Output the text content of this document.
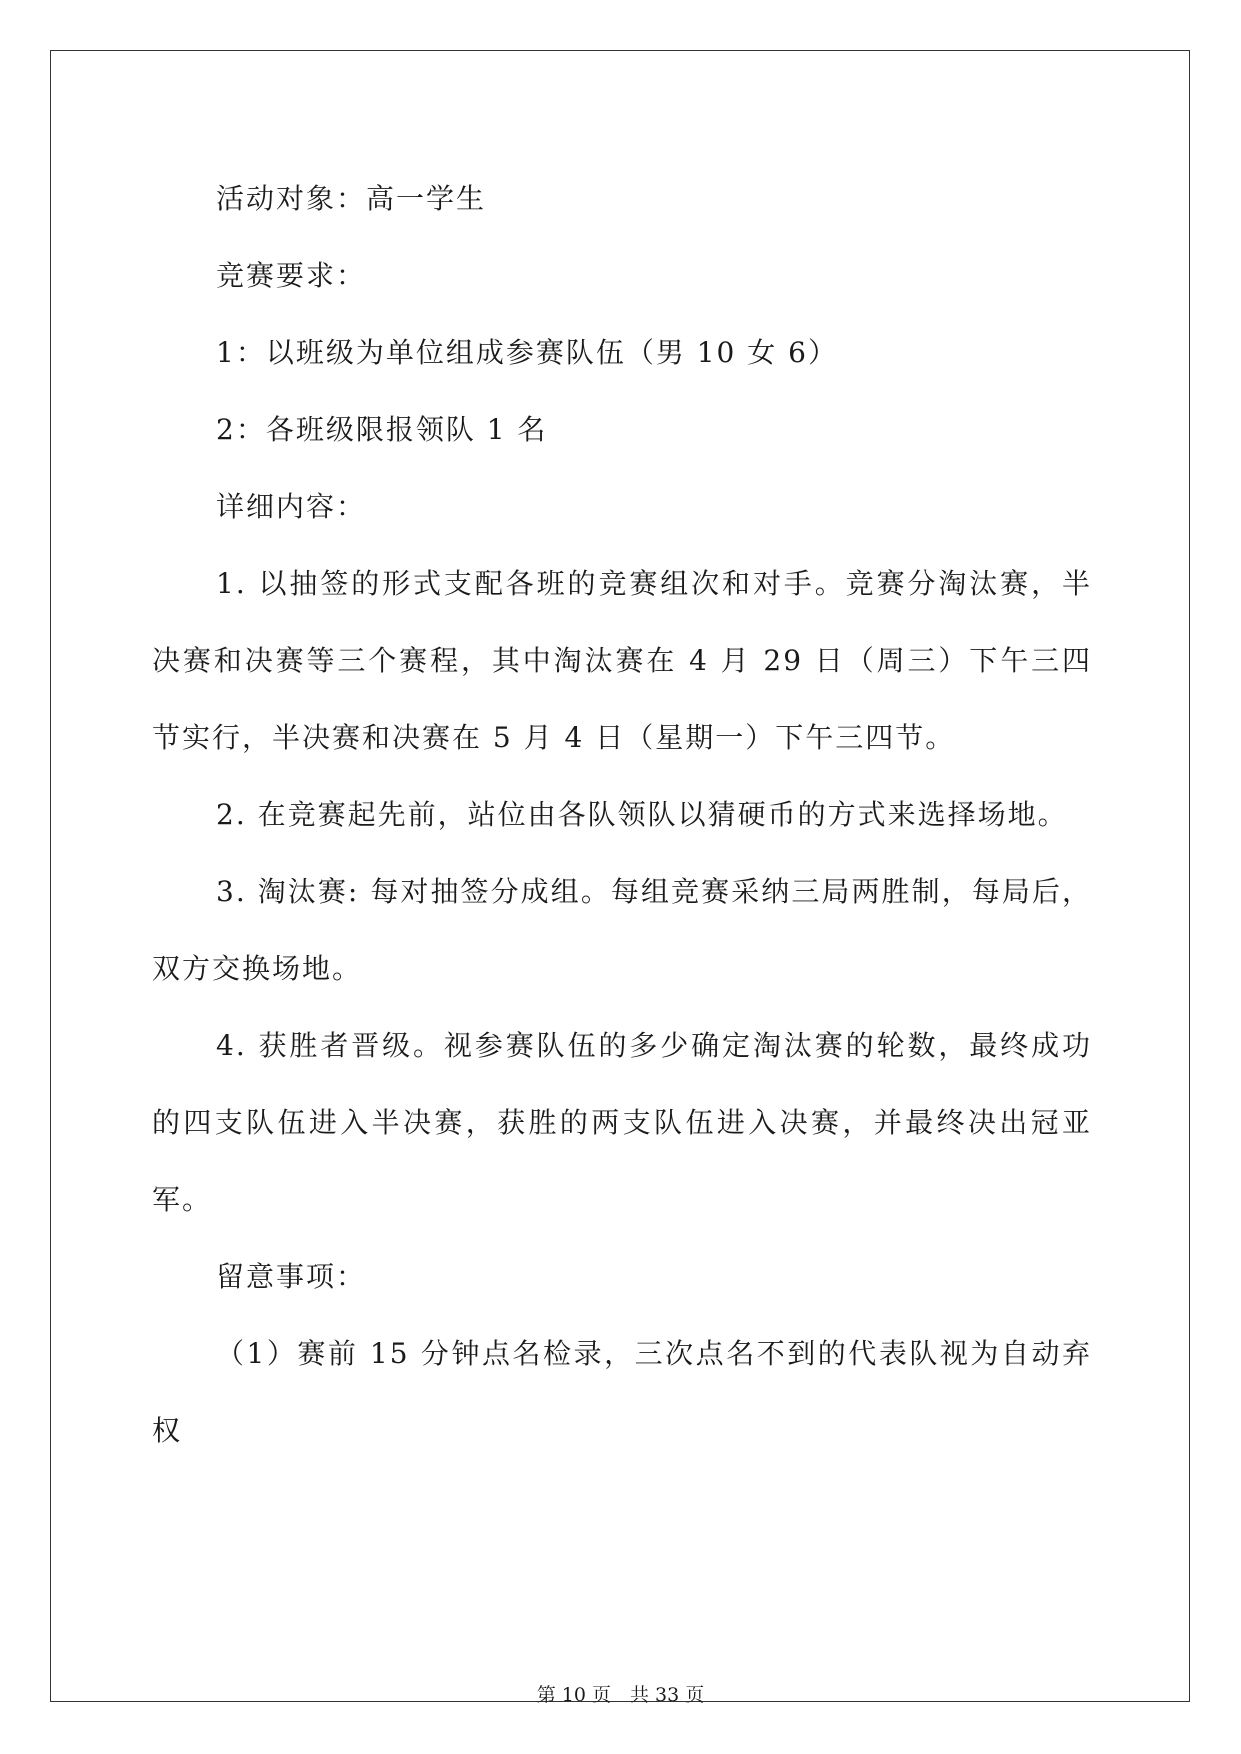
活动对象：高一学生

竞赛要求：

1：以班级为单位组成参赛队伍（男 10 女 6）

2：各班级限报领队 1 名

详细内容：

1. 以抽签的形式支配各班的竞赛组次和对手。竞赛分淘汰赛，半决赛和决赛等三个赛程，其中淘汰赛在 4 月 29 日（周三）下午三四节实行，半决赛和决赛在 5 月 4 日（星期一）下午三四节。

2. 在竞赛起先前，站位由各队领队以猜硬币的方式来选择场地。

3. 淘汰赛: 每对抽签分成组。每组竞赛采纳三局两胜制，每局后，双方交换场地。

4. 获胜者晋级。视参赛队伍的多少确定淘汰赛的轮数，最终成功的四支队伍进入半决赛，获胜的两支队伍进入决赛，并最终决出冠亚军。

留意事项：

（1）赛前 15 分钟点名检录，三次点名不到的代表队视为自动弃权

第 10 页　共 33 页
